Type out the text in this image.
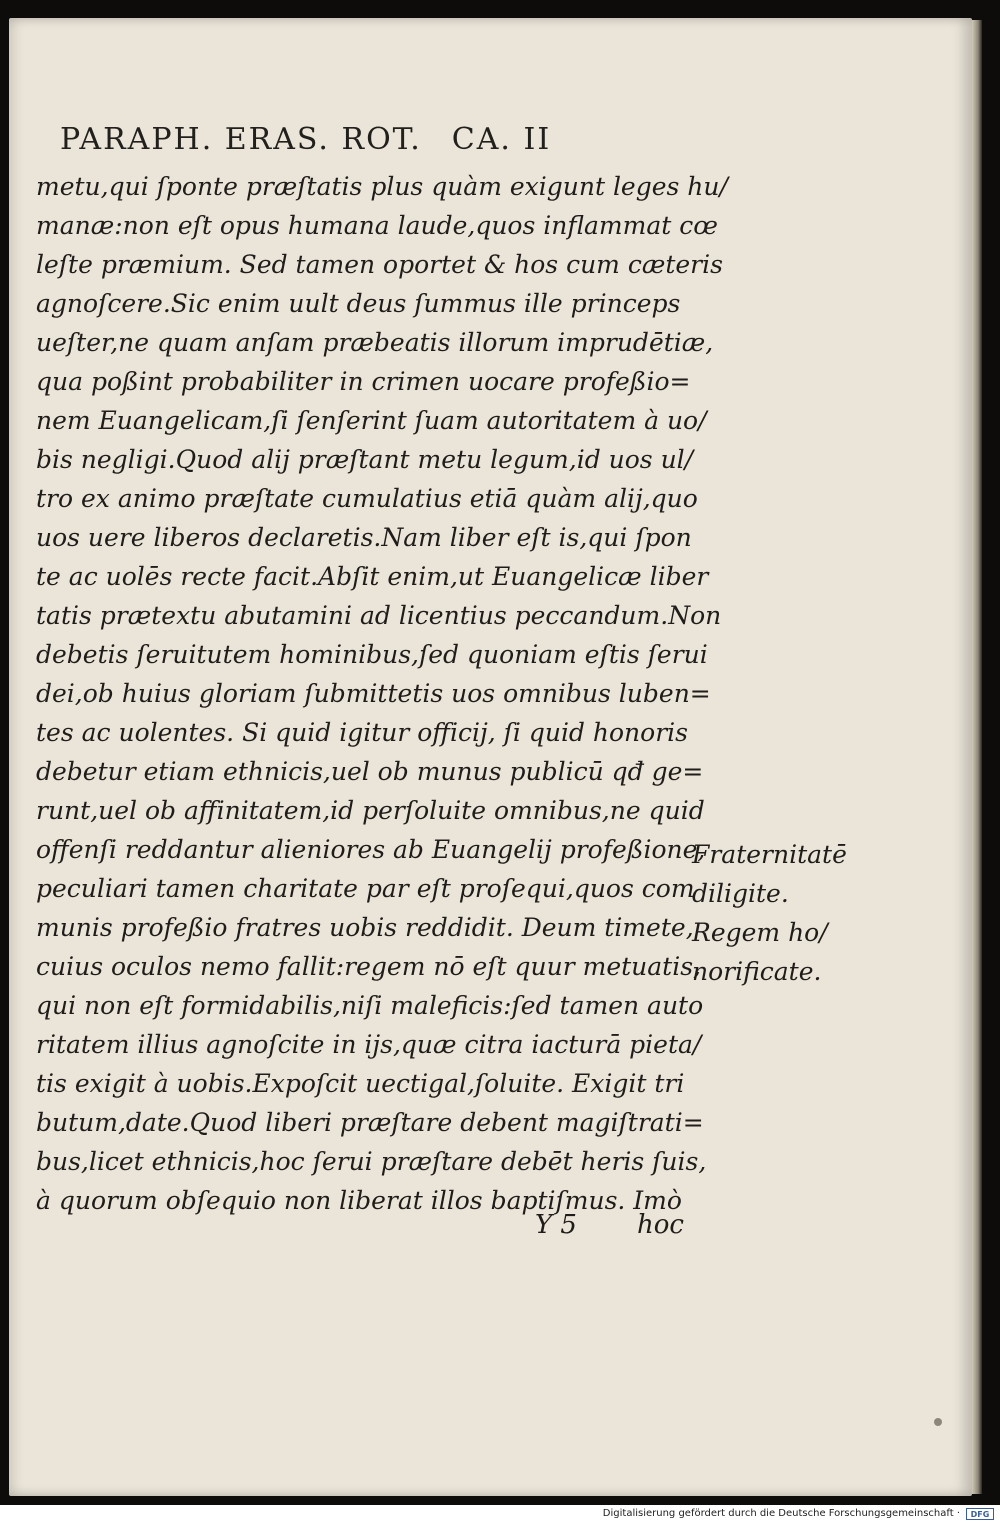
PARAPH. ERAS. ROT. CA. II
metu,qui ſponte præſtatis plus quàm exigunt leges hu/
manæ:non eſt opus humana laude,quos inflammat cœ
leſte præmium. Sed tamen oportet & hos cum cæteris
agnoſcere.Sic enim uult deus ſummus ille princeps
ueſter,ne quam anſam præbeatis illorum imprudētiæ,
qua poßint probabiliter in crimen uocare profeßio=
nem Euangelicam,ſi ſenſerint ſuam autoritatem à uo/
bis negligi.Quod alij præſtant metu legum,id uos ul/
tro ex animo præſtate cumulatius etiā quàm alij,quo
uos uere liberos declaretis.Nam liber eſt is,qui ſpon
te ac uolēs recte facit.Abſit enim,ut Euangelicæ liber
tatis prætextu abutamini ad licentius peccandum.Non
debetis ſeruitutem hominibus,ſed quoniam eſtis ſerui
dei,ob huius gloriam ſubmittetis uos omnibus luben=
tes ac uolentes. Si quid igitur officij, ſi quid honoris
debetur etiam ethnicis,uel ob munus publicū qđ ge=
runt,uel ob affinitatem,id perſoluite omnibus,ne quid
offenſi reddantur alieniores ab Euangelij profeßione,
peculiari tamen charitate par eſt proſequi,quos com
munis profeßio fratres uobis reddidit. Deum timete,
cuius oculos nemo fallit:regem nō eſt quur metuatis,
qui non eſt formidabilis,niſi maleficis:ſed tamen auto
ritatem illius agnoſcite in ijs,quæ citra iacturā pieta/
tis exigit à uobis.Expoſcit uectigal,ſoluite. Exigit tri
butum,date.Quod liberi præſtare debent magiſtrati=
bus,licet ethnicis,hoc ſerui præſtare debēt heris ſuis,
à quorum obſequio non liberat illos baptiſmus. Imò
Fraternitatē
diligite.
Regem ho/
norificate.
Y 5 hoc
Digitalisierung gefördert durch die Deutsche Forschungsgemeinschaft ·	DFG
